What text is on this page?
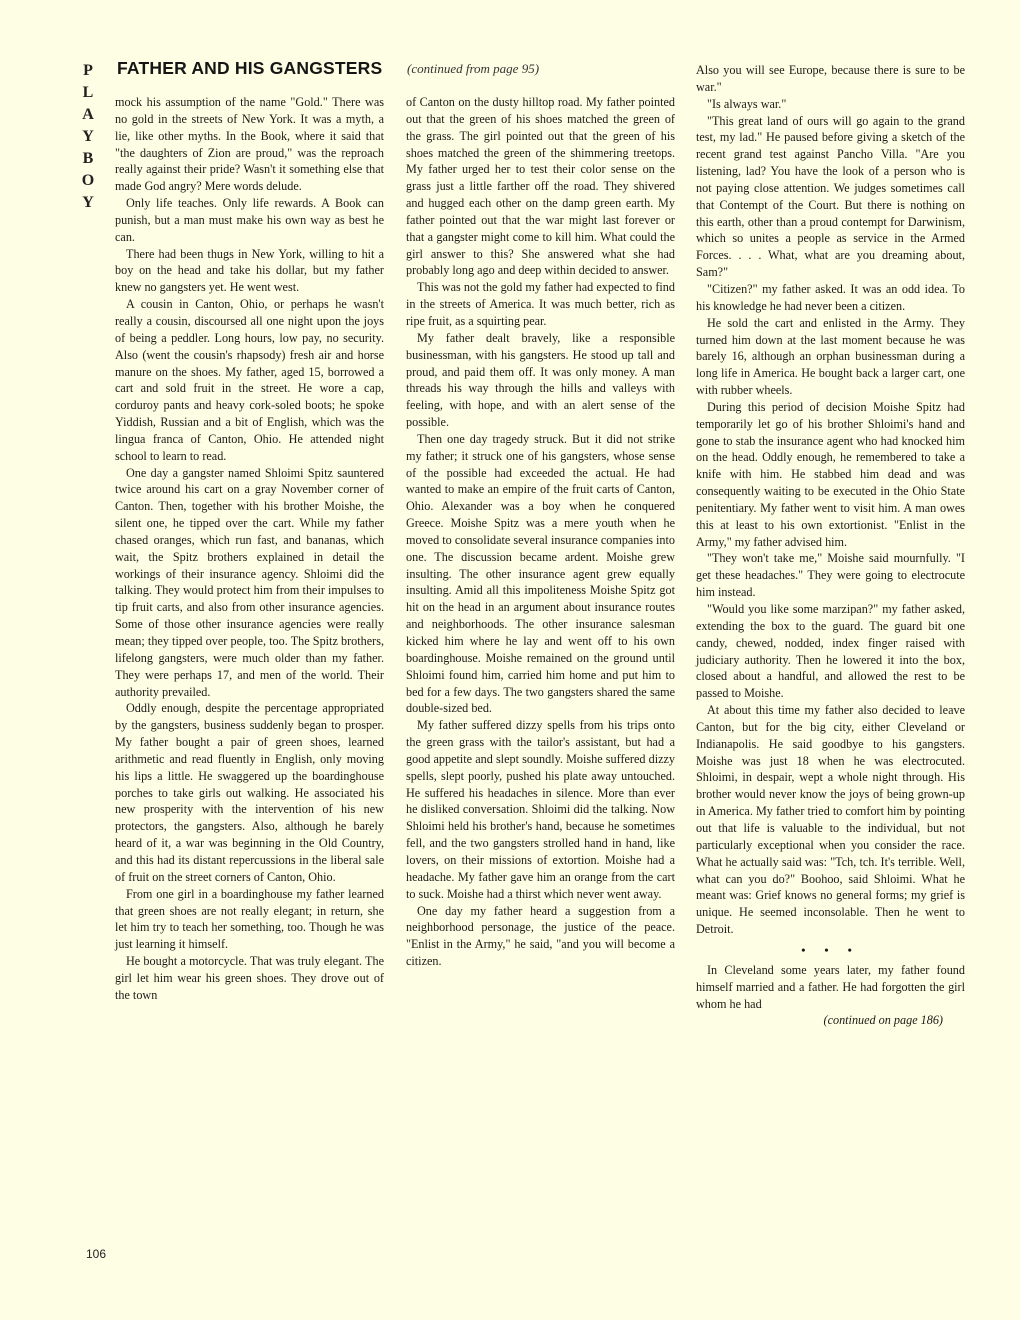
PLAYBOY
FATHER AND HIS GANGSTERS (continued from page 95)

mock his assumption of the name "Gold." There was no gold in the streets of New York. It was a myth, a lie, like other myths. In the Book, where it said that "the daughters of Zion are proud," was the reproach really against their pride? Wasn't it something else that made God angry? Mere words delude.

Only life teaches. Only life rewards. A Book can punish, but a man must make his own way as best he can.

There had been thugs in New York, willing to hit a boy on the head and take his dollar, but my father knew no gangsters yet. He went west.

A cousin in Canton, Ohio, or perhaps he wasn't really a cousin, discoursed all one night upon the joys of being a peddler. Long hours, low pay, no security. Also (went the cousin's rhapsody) fresh air and horse manure on the shoes. My father, aged 15, borrowed a cart and sold fruit in the street. He wore a cap, corduroy pants and heavy cork-soled boots; he spoke Yiddish, Russian and a bit of English, which was the lingua franca of Canton, Ohio. He attended night school to learn to read.

One day a gangster named Shloimi Spitz sauntered twice around his cart on a gray November corner of Canton. Then, together with his brother Moishe, the silent one, he tipped over the cart. While my father chased oranges, which run fast, and bananas, which wait, the Spitz brothers explained in detail the workings of their insurance agency. Shloimi did the talking. They would protect him from their impulses to tip fruit carts, and also from other insurance agencies. Some of those other insurance agencies were really mean; they tipped over people, too. The Spitz brothers, lifelong gangsters, were much older than my father. They were perhaps 17, and men of the world. Their authority prevailed.

Oddly enough, despite the percentage appropriated by the gangsters, business suddenly began to prosper. My father bought a pair of green shoes, learned arithmetic and read fluently in English, only moving his lips a little. He swaggered up the boardinghouse porches to take girls out walking. He associated his new prosperity with the intervention of his new protectors, the gangsters. Also, although he barely heard of it, a war was beginning in the Old Country, and this had its distant repercussions in the liberal sale of fruit on the street corners of Canton, Ohio.

From one girl in a boardinghouse my father learned that green shoes are not really elegant; in return, she let him try to teach her something, too. Though he was just learning it himself.

He bought a motorcycle. That was truly elegant. The girl let him wear his green shoes. They drove out of the town

of Canton on the dusty hilltop road. My father pointed out that the green of his shoes matched the green of the grass. The girl pointed out that the green of his shoes matched the green of the shimmering treetops. My father urged her to test their color sense on the grass just a little farther off the road. They shivered and hugged each other on the damp green earth. My father pointed out that the war might last forever or that a gangster might come to kill him. What could the girl answer to this? She answered what she had probably long ago and deep within decided to answer.

This was not the gold my father had expected to find in the streets of America. It was much better, rich as ripe fruit, as a squirting pear.

My father dealt bravely, like a responsible businessman, with his gangsters. He stood up tall and proud, and paid them off. It was only money. A man threads his way through the hills and valleys with feeling, with hope, and with an alert sense of the possible.

Then one day tragedy struck. But it did not strike my father; it struck one of his gangsters, whose sense of the possible had exceeded the actual. He had wanted to make an empire of the fruit carts of Canton, Ohio. Alexander was a boy when he conquered Greece. Moishe Spitz was a mere youth when he moved to consolidate several insurance companies into one. The discussion became ardent. Moishe grew insulting. The other insurance agent grew equally insulting. Amid all this impoliteness Moishe Spitz got hit on the head in an argument about insurance routes and neighborhoods. The other insurance salesman kicked him where he lay and went off to his own boardinghouse. Moishe remained on the ground until Shloimi found him, carried him home and put him to bed for a few days. The two gangsters shared the same double-sized bed.

My father suffered dizzy spells from his trips onto the green grass with the tailor's assistant, but had a good appetite and slept soundly. Moishe suffered dizzy spells, slept poorly, pushed his plate away untouched. He suffered his headaches in silence. More than ever he disliked conversation. Shloimi did the talking. Now Shloimi held his brother's hand, because he sometimes fell, and the two gangsters strolled hand in hand, like lovers, on their missions of extortion. Moishe had a headache. My father gave him an orange from the cart to suck. Moishe had a thirst which never went away.

One day my father heard a suggestion from a neighborhood personage, the justice of the peace. "Enlist in the Army," he said, "and you will become a citizen.

Also you will see Europe, because there is sure to be war."

"Is always war."

"This great land of ours will go again to the grand test, my lad." He paused before giving a sketch of the recent grand test against Pancho Villa. "Are you listening, lad? You have the look of a person who is not paying close attention. We judges sometimes call that Contempt of the Court. But there is nothing on this earth, other than a proud contempt for Darwinism, which so unites a people as service in the Armed Forces. . . . What, what are you dreaming about, Sam?"

"Citizen?" my father asked. It was an odd idea. To his knowledge he had never been a citizen.

He sold the cart and enlisted in the Army. They turned him down at the last moment because he was barely 16, although an orphan businessman during a long life in America. He bought back a larger cart, one with rubber wheels.

During this period of decision Moishe Spitz had temporarily let go of his brother Shloimi's hand and gone to stab the insurance agent who had knocked him on the head. Oddly enough, he remembered to take a knife with him. He stabbed him dead and was consequently waiting to be executed in the Ohio State penitentiary. My father went to visit him. A man owes this at least to his own extortionist. "Enlist in the Army," my father advised him.

"They won't take me," Moishe said mournfully. "I get these headaches." They were going to electrocute him instead.

"Would you like some marzipan?" my father asked, extending the box to the guard. The guard bit one candy, chewed, nodded, index finger raised with judiciary authority. Then he lowered it into the box, closed about a handful, and allowed the rest to be passed to Moishe.

At about this time my father also decided to leave Canton, but for the big city, either Cleveland or Indianapolis. He said goodbye to his gangsters. Moishe was just 18 when he was electrocuted. Shloimi, in despair, wept a whole night through. His brother would never know the joys of being grown-up in America. My father tried to comfort him by pointing out that life is valuable to the individual, but not particularly exceptional when you consider the race. What he actually said was: "Tch, tch. It's terrible. Well, what can you do?" Boohoo, said Shloimi. What he meant was: Grief knows no general forms; my grief is unique. He seemed inconsolable. Then he went to Detroit.

• • •

In Cleveland some years later, my father found himself married and a father. He had forgotten the girl whom he had

(continued on page 186)
106
